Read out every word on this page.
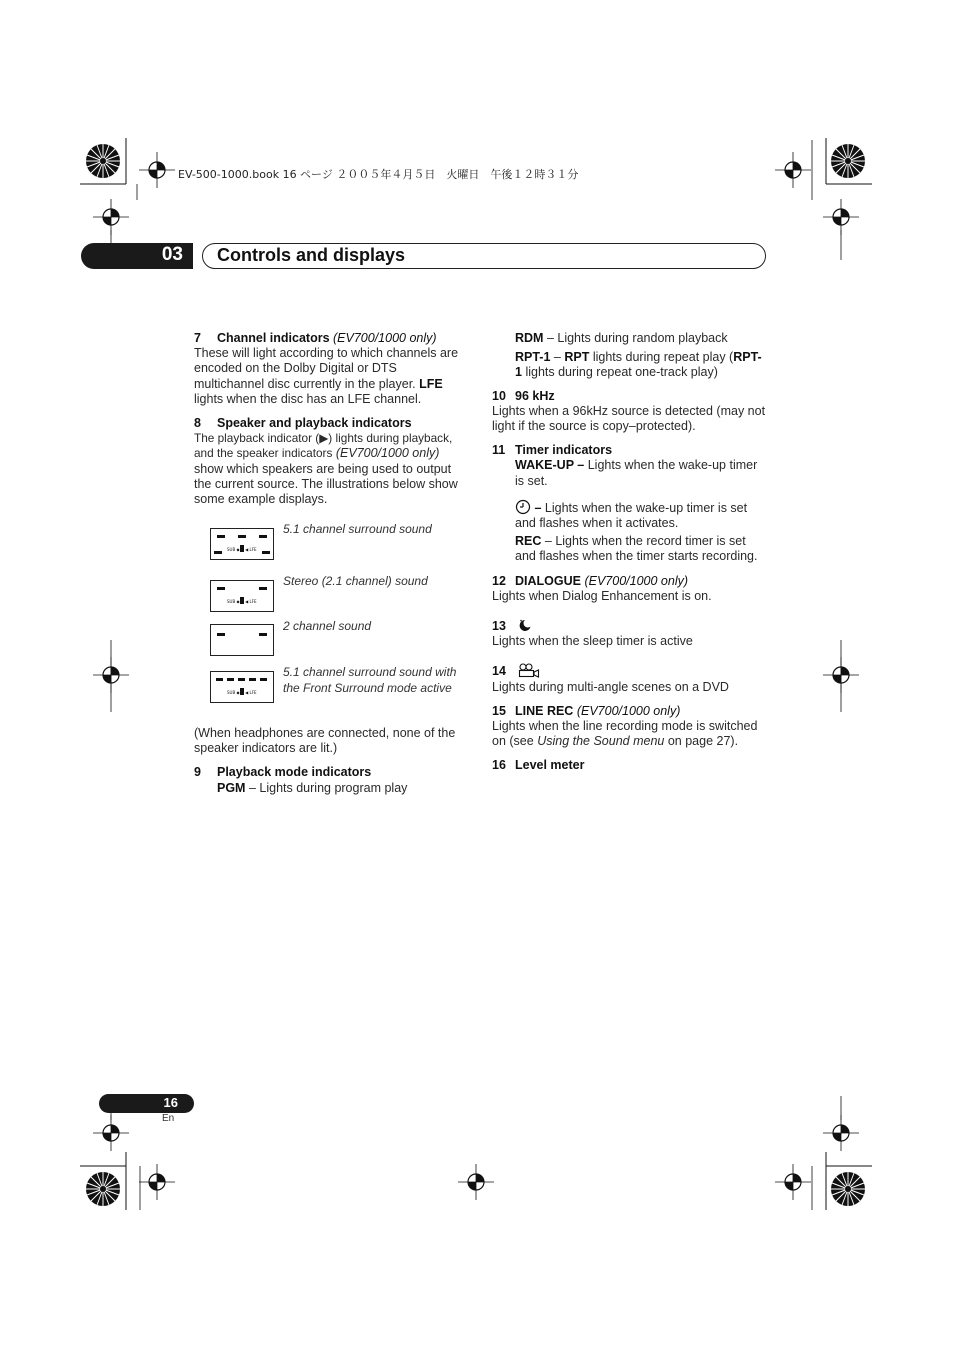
EV-500-1000.book 16 ページ ２００５年４月５日　火曜日　午後１２時３１分
03 Controls and displays

7 Channel indicators (EV700/1000 only)

These will light according to which channels are encoded on the Dolby Digital or DTS multichannel disc currently in the player. LFE lights when the disc has an LFE channel.

8 Speaker and playback indicators

The playback indicator (▶) lights during playback, and the speaker indicators (EV700/1000 only) show which speakers are being used to output the current source. The illustrations below show some example displays.

SUB ◆ ▶ ◀ LFE
5.1 channel surround sound
SUB ◆ ▶ ◀ LFE
Stereo (2.1 channel) sound
2 channel sound
SUB ◆ ▶ ◀ LFE
5.1 channel surround sound with the Front Surround mode active

(When headphones are connected, none of the speaker indicators are lit.)

9 Playback mode indicators

PGM – Lights during program play

RDM – Lights during random playback

RPT-1 – RPT lights during repeat play (RPT-1 lights during repeat one-track play)

10 96 kHz

Lights when a 96kHz source is detected (may not light if the source is copy–protected).

11 Timer indicators

WAKE-UP – Lights when the wake-up timer is set.

– Lights when the wake-up timer is set and flashes when it activates.

REC – Lights when the record timer is set and flashes when the timer starts recording.

12 DIALOGUE (EV700/1000 only)

Lights when Dialog Enhancement is on.

13

Lights when the sleep timer is active

14

Lights during multi-angle scenes on a DVD

15 LINE REC (EV700/1000 only)

Lights when the line recording mode is switched on (see Using the Sound menu on page 27).

16 Level meter

16
En
